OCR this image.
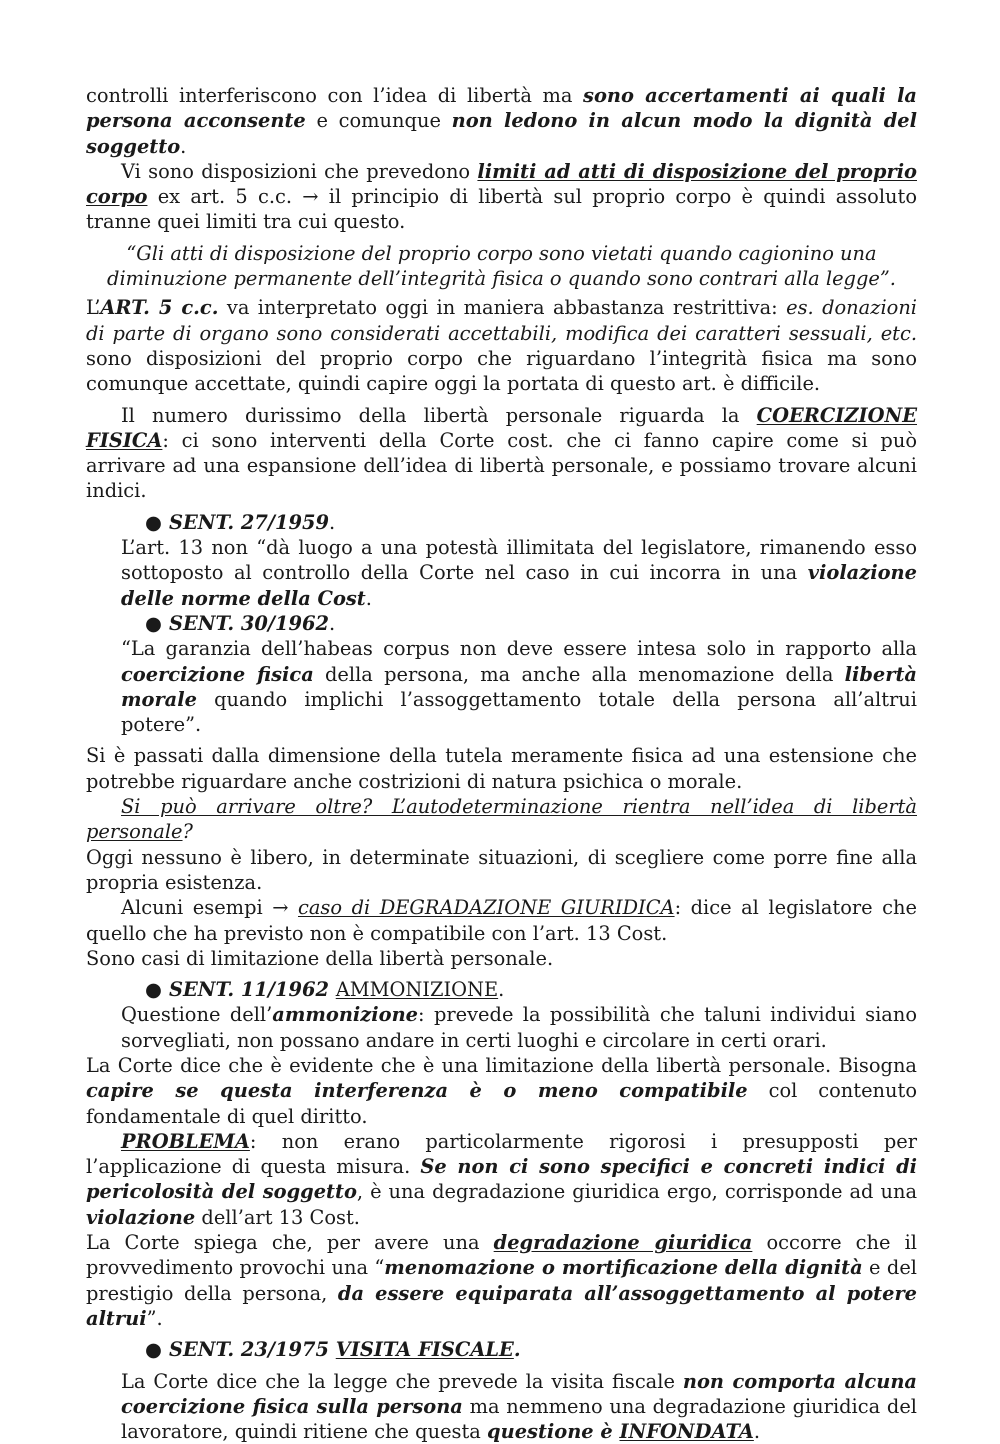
controlli interferiscono con l’idea di libertà ma sono accertamenti ai quali la persona acconsente e comunque non ledono in alcun modo la dignità del soggetto.

Vi sono disposizioni che prevedono limiti ad atti di disposizione del proprio corpo ex art. 5 c.c. → il principio di libertà sul proprio corpo è quindi assoluto tranne quei limiti tra cui questo.

“Gli atti di disposizione del proprio corpo sono vietati quando cagionino una diminuzione permanente dell’integrità fisica o quando sono contrari alla legge”.

L’ART. 5 c.c. va interpretato oggi in maniera abbastanza restrittiva: es. donazioni di parte di organo sono considerati accettabili, modifica dei caratteri sessuali, etc. sono disposizioni del proprio corpo che riguardano l’integrità fisica ma sono comunque accettate, quindi capire oggi la portata di questo art. è difficile.

Il numero durissimo della libertà personale riguarda la COERCIZIONE FISICA: ci sono interventi della Corte cost. che ci fanno capire come si può arrivare ad una espansione dell’idea di libertà personale, e possiamo trovare alcuni indici.

● SENT. 27/1959.

L’art. 13 non “dà luogo a una potestà illimitata del legislatore, rimanendo esso sottoposto al controllo della Corte nel caso in cui incorra in una violazione delle norme della Cost.

● SENT. 30/1962.

“La garanzia dell’habeas corpus non deve essere intesa solo in rapporto alla coercizione fisica della persona, ma anche alla menomazione della libertà morale quando implichi l’assoggettamento totale della persona all’altrui potere”.

Si è passati dalla dimensione della tutela meramente fisica ad una estensione che potrebbe riguardare anche costrizioni di natura psichica o morale.

Si può arrivare oltre? L’autodeterminazione rientra nell’idea di libertà personale?

Oggi nessuno è libero, in determinate situazioni, di scegliere come porre fine alla propria esistenza.

Alcuni esempi → caso di DEGRADAZIONE GIURIDICA: dice al legislatore che quello che ha previsto non è compatibile con l’art. 13 Cost.

Sono casi di limitazione della libertà personale.

● SENT. 11/1962 AMMONIZIONE.

Questione dell’ammonizione: prevede la possibilità che taluni individui siano sorvegliati, non possano andare in certi luoghi e circolare in certi orari.

La Corte dice che è evidente che è una limitazione della libertà personale. Bisogna capire se questa interferenza è o meno compatibile col contenuto fondamentale di quel diritto.

PROBLEMA: non erano particolarmente rigorosi i presupposti per l’applicazione di questa misura. Se non ci sono specifici e concreti indici di pericolosità del soggetto, è una degradazione giuridica ergo, corrisponde ad una violazione dell’art 13 Cost.

La Corte spiega che, per avere una degradazione giuridica occorre che il provvedimento provochi una “menomazione o mortificazione della dignità e del prestigio della persona, da essere equiparata all’assoggettamento al potere altrui”.

● SENT. 23/1975 VISITA FISCALE.

La Corte dice che la legge che prevede la visita fiscale non comporta alcuna coercizione fisica sulla persona ma nemmeno una degradazione giuridica del lavoratore, quindi ritiene che questa questione è INFONDATA.
